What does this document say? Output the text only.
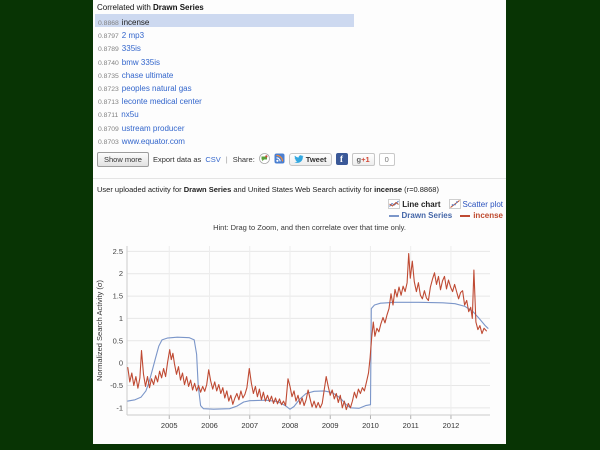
Correlated with Drawn Series
0.8868 incense
0.8797 2 mp3
0.8789 335is
0.8740 bmw 335is
0.8735 chase ultimate
0.8723 peoples natural gas
0.8713 leconte medical center
0.8711 nx5u
0.8709 ustream producer
0.8703 www.equator.com
Show more	Export data as CSV | Share:	Tweet	f	g+1	0
User uploaded activity for Drawn Series and United States Web Search activity for incense (r=0.8868)
Line chart	Scatter plot
Drawn Series	incense
Hint: Drag to Zoom, and then correlate over that time only.
2005	2006	2007	2008	2009	2010	2011	2012
2.5
2
1.5
1
0.5
0
-0.5
-1
Normalized Search Activity (σ)
